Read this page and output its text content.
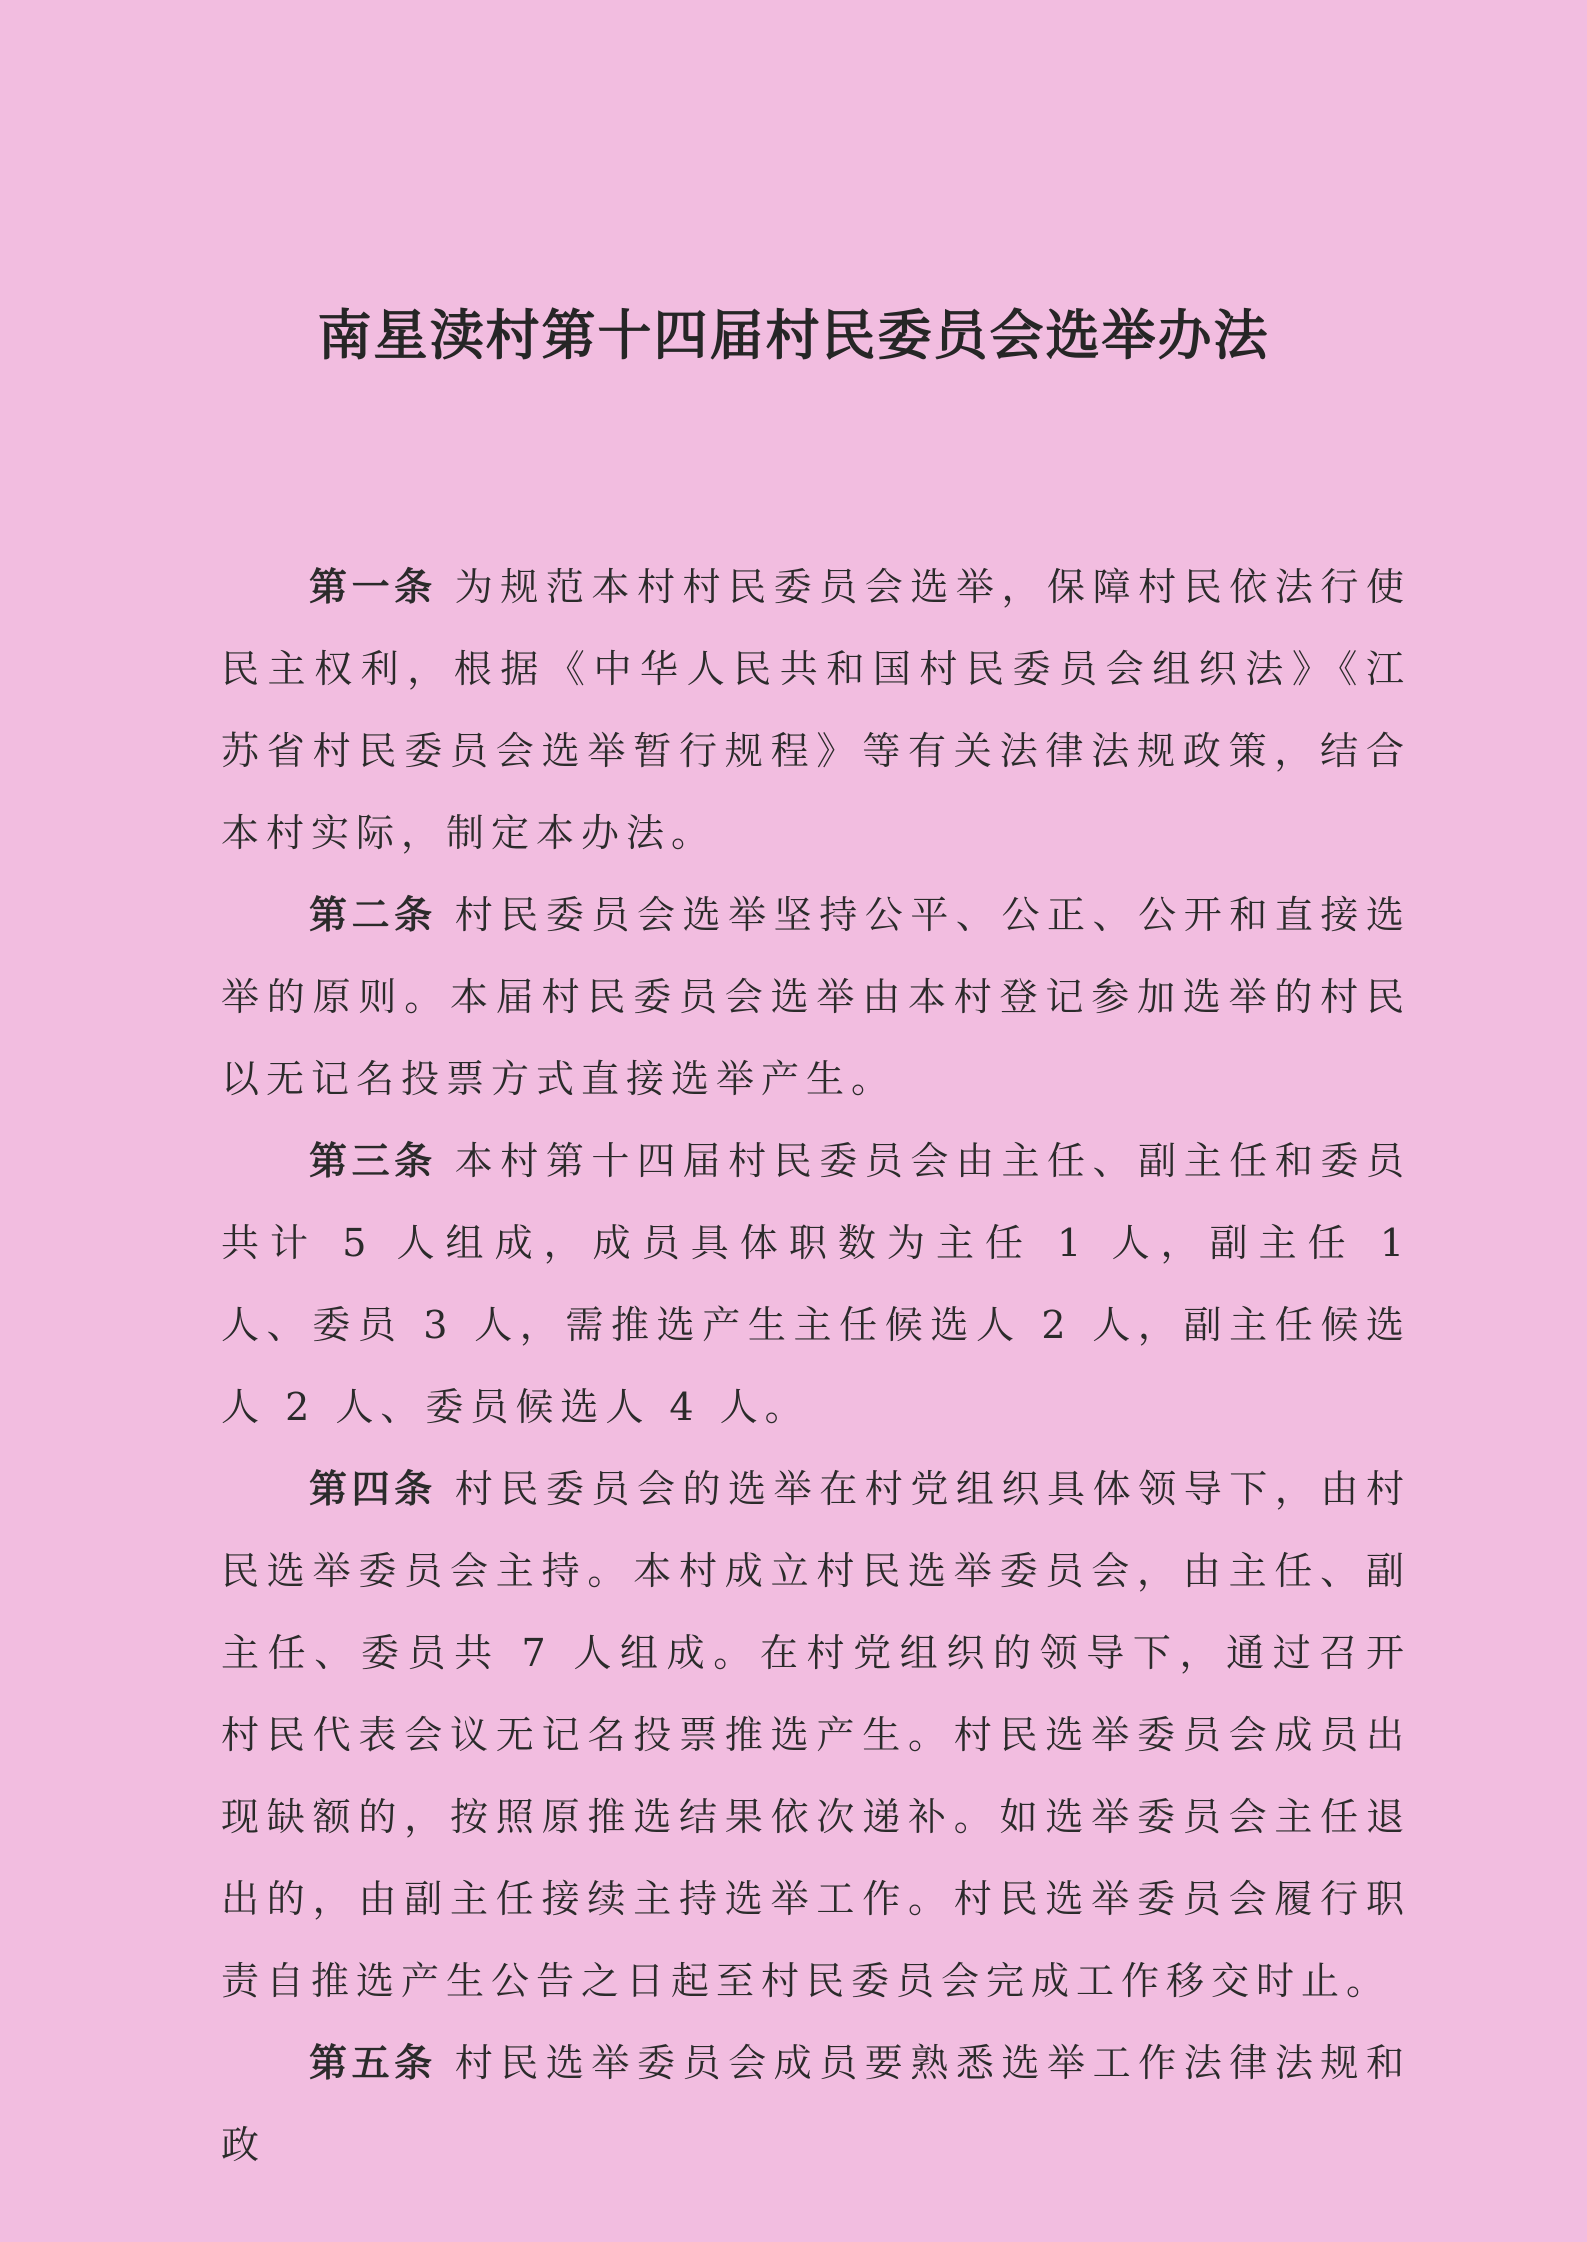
南星渎村第十四届村民委员会选举办法

第一条 为规范本村村民委员会选举，保障村民依法行使民主权利，根据《中华人民共和国村民委员会组织法》《江苏省村民委员会选举暂行规程》等有关法律法规政策，结合本村实际，制定本办法。

第二条 村民委员会选举坚持公平、公正、公开和直接选举的原则。本届村民委员会选举由本村登记参加选举的村民以无记名投票方式直接选举产生。

第三条 本村第十四届村民委员会由主任、副主任和委员共计 5 人组成，成员具体职数为主任 1 人，副主任 1 人、委员 3 人，需推选产生主任候选人 2 人，副主任候选人 2 人、委员候选人 4 人。

第四条 村民委员会的选举在村党组织具体领导下，由村民选举委员会主持。本村成立村民选举委员会，由主任、副主任、委员共 7 人组成。在村党组织的领导下，通过召开村民代表会议无记名投票推选产生。村民选举委员会成员出现缺额的，按照原推选结果依次递补。如选举委员会主任退出的，由副主任接续主持选举工作。村民选举委员会履行职责自推选产生公告之日起至村民委员会完成工作移交时止。

第五条 村民选举委员会成员要熟悉选举工作法律法规和政
